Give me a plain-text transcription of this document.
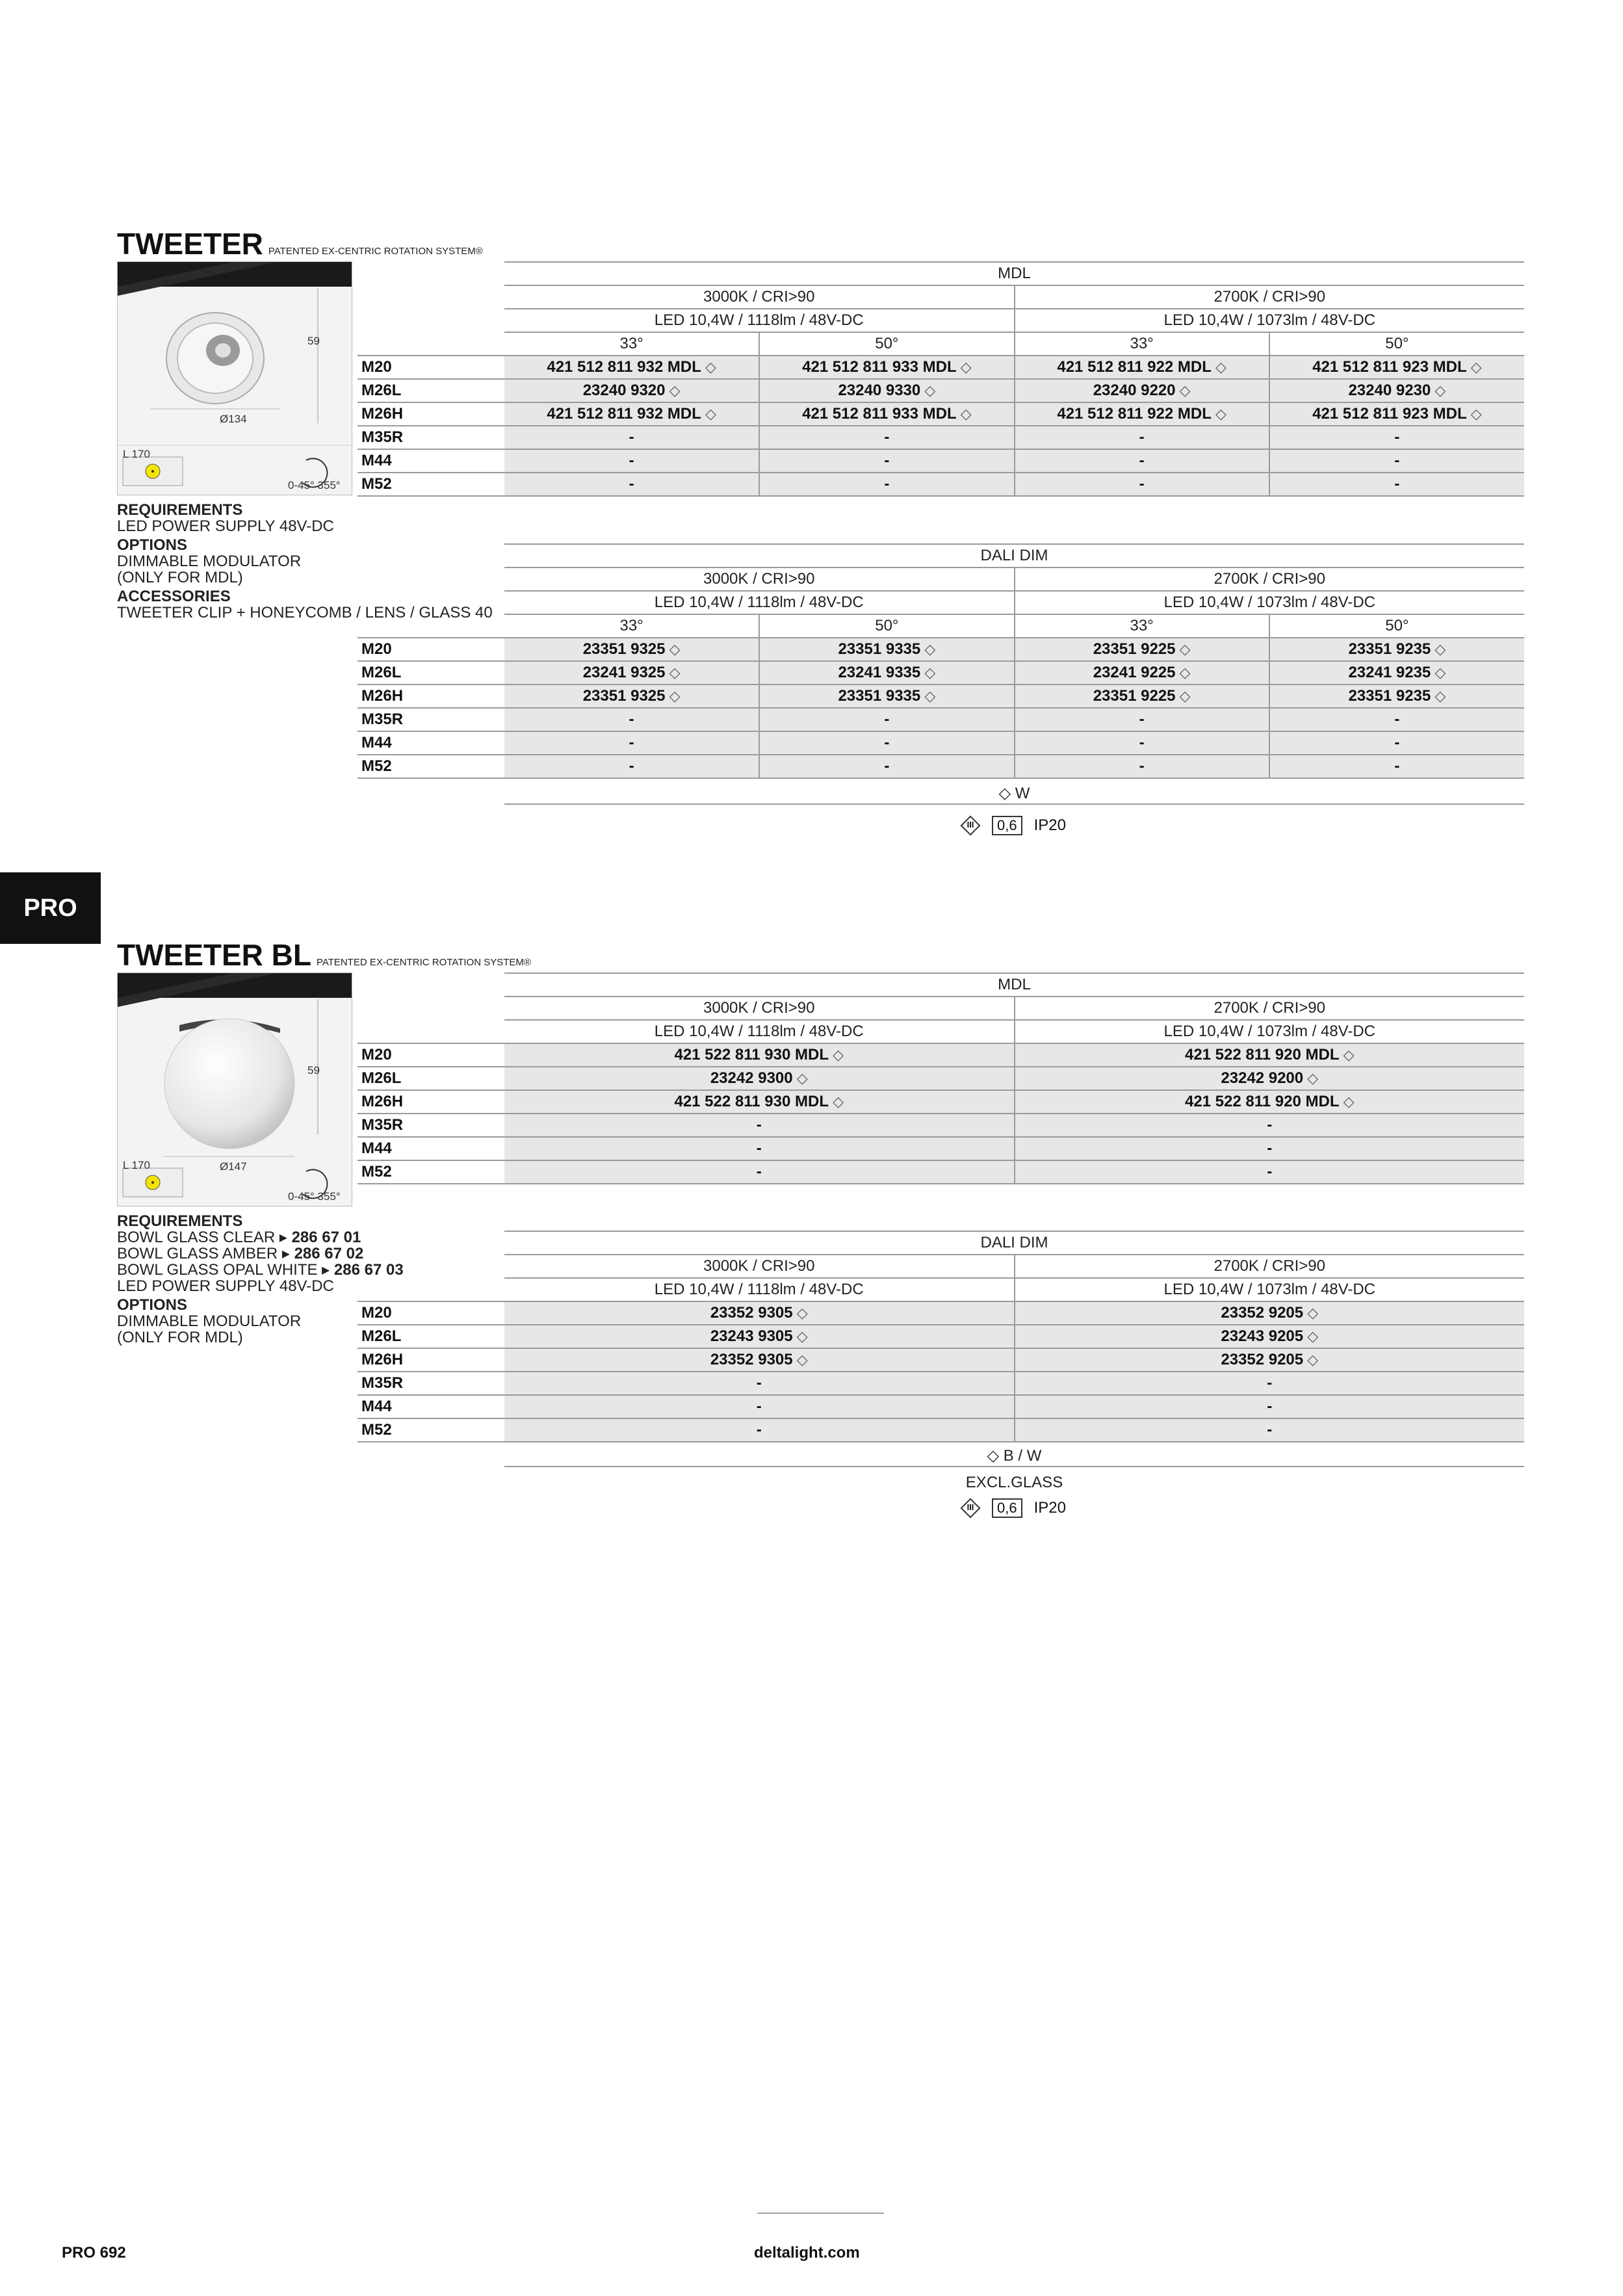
TWEETER PATENTED EX-CENTRIC ROTATION SYSTEM®
59
Ø134
L 170
0-45° 355°
REQUIREMENTS
LED POWER SUPPLY 48V-DC
OPTIONS
DIMMABLE MODULATOR
(ONLY FOR MDL)
ACCESSORIES
TWEETER CLIP + HONEYCOMB / LENS / GLASS 40
	MDL			
	3000K / CRI>90		2700K / CRI>90	
	LED 10,4W / 1118lm / 48V-DC		LED 10,4W / 1073lm / 48V-DC	
	33°	50°	33°	50°
M20	421 512 811 932 MDL ◇	421 512 811 933 MDL ◇	421 512 811 922 MDL ◇	421 512 811 923 MDL ◇
M26L	23240 9320 ◇	23240 9330 ◇	23240 9220 ◇	23240 9230 ◇
M26H	421 512 811 932 MDL ◇	421 512 811 933 MDL ◇	421 512 811 922 MDL ◇	421 512 811 923 MDL ◇
M35R	-	-	-	-
M44	-	-	-	-
M52	-	-	-	-
	DALI DIM			
	3000K / CRI>90		2700K / CRI>90	
	LED 10,4W / 1118lm / 48V-DC		LED 10,4W / 1073lm / 48V-DC	
	33°	50°	33°	50°
M20	23351 9325 ◇	23351 9335 ◇	23351 9225 ◇	23351 9235 ◇
M26L	23241 9325 ◇	23241 9335 ◇	23241 9225 ◇	23241 9235 ◇
M26H	23351 9325 ◇	23351 9335 ◇	23351 9225 ◇	23351 9235 ◇
M35R	-	-	-	-
M44	-	-	-	-
M52	-	-	-	-
◇ W
III	0,6	IP20
PRO
TWEETER BL PATENTED EX-CENTRIC ROTATION SYSTEM®
59
Ø147
L 170
0-45° 355°
REQUIREMENTS
BOWL GLASS CLEAR ▸ 286 67 01
BOWL GLASS AMBER ▸ 286 67 02
BOWL GLASS OPAL WHITE ▸ 286 67 03
LED POWER SUPPLY 48V-DC
OPTIONS
DIMMABLE MODULATOR
(ONLY FOR MDL)
	MDL	
	3000K / CRI>90	2700K / CRI>90
	LED 10,4W / 1118lm / 48V-DC	LED 10,4W / 1073lm / 48V-DC
M20	421 522 811 930 MDL ◇	421 522 811 920 MDL ◇
M26L	23242 9300 ◇	23242 9200 ◇
M26H	421 522 811 930 MDL ◇	421 522 811 920 MDL ◇
M35R	-	-
M44	-	-
M52	-	-
	DALI DIM	
	3000K / CRI>90	2700K / CRI>90
	LED 10,4W / 1118lm / 48V-DC	LED 10,4W / 1073lm / 48V-DC
M20	23352 9305 ◇	23352 9205 ◇
M26L	23243 9305 ◇	23243 9205 ◇
M26H	23352 9305 ◇	23352 9205 ◇
M35R	-	-
M44	-	-
M52	-	-
◇ B / W
EXCL.GLASS
III	0,6	IP20
PRO 692	deltalight.com
